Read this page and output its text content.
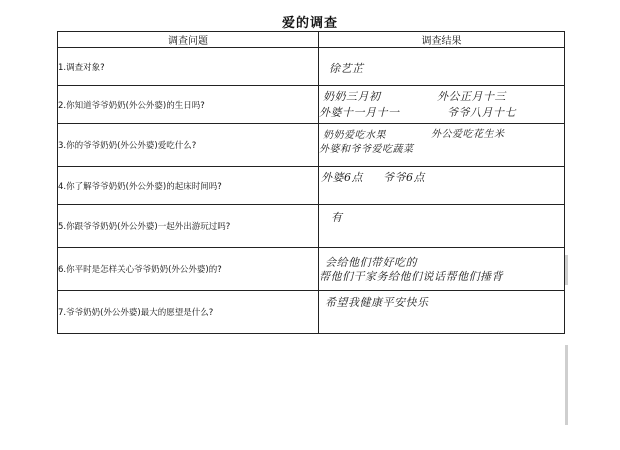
爱的调查
调查问题	调查结果
1.调查对象?	徐艺芷

2.你知道爷爷奶奶(外公外婆)的生日吗?	奶奶三月初 外公正月十三
外婆十一月十一 爷爷八月十七

3.你的爷爷奶奶(外公外婆)爱吃什么?	奶奶爱吃水果 外公爱吃花生米
外婆和爷爷爱吃蔬菜

4.你了解爷爷奶奶(外公外婆)的起床时间吗?	外婆6点 爷爷6点

5.你跟爷爷奶奶(外公外婆)一起外出游玩过吗?	有

6.你平时是怎样关心爷爷奶奶(外公外婆)的?	会给他们带好吃的
帮他们干家务给他们说话帮他们捶背

7.爷爷奶奶(外公外婆)最大的愿望是什么?	希望我健康平安快乐
